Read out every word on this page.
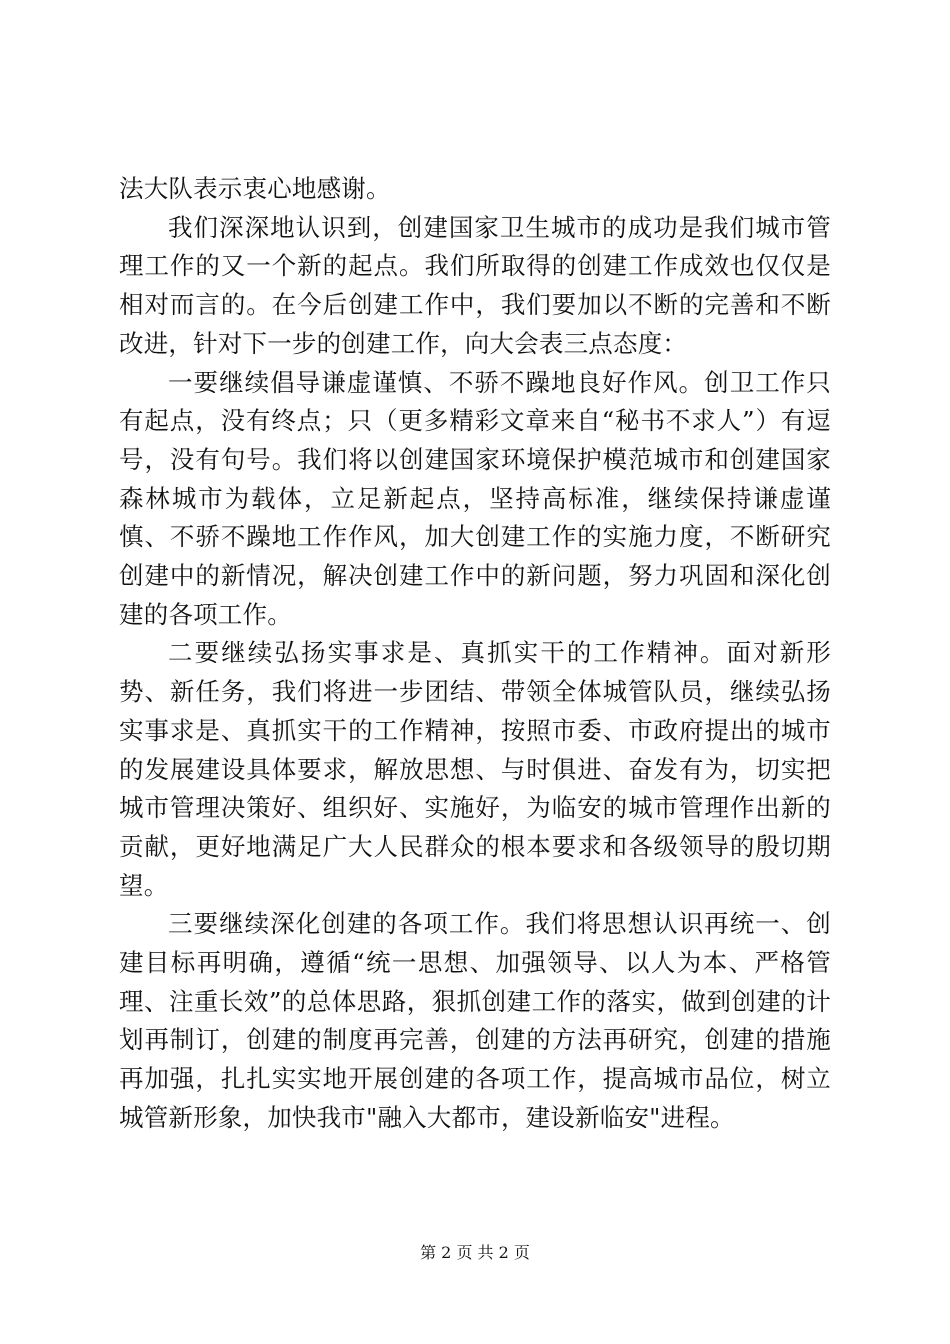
法大队表示衷心地感谢。

我们深深地认识到，创建国家卫生城市的成功是我们城市管理工作的又一个新的起点。我们所取得的创建工作成效也仅仅是相对而言的。在今后创建工作中，我们要加以不断的完善和不断改进，针对下一步的创建工作，向大会表三点态度：

一要继续倡导谦虚谨慎、不骄不躁地良好作风。创卫工作只有起点，没有终点；只（更多精彩文章来自“秘书不求人”）有逗号，没有句号。我们将以创建国家环境保护模范城市和创建国家森林城市为载体，立足新起点，坚持高标准，继续保持谦虚谨慎、不骄不躁地工作作风，加大创建工作的实施力度，不断研究创建中的新情况，解决创建工作中的新问题，努力巩固和深化创建的各项工作。

二要继续弘扬实事求是、真抓实干的工作精神。面对新形势、新任务，我们将进一步团结、带领全体城管队员，继续弘扬实事求是、真抓实干的工作精神，按照市委、市政府提出的城市的发展建设具体要求，解放思想、与时俱进、奋发有为，切实把城市管理决策好、组织好、实施好，为临安的城市管理作出新的贡献，更好地满足广大人民群众的根本要求和各级领导的殷切期望。

三要继续深化创建的各项工作。我们将思想认识再统一、创建目标再明确，遵循“统一思想、加强领导、以人为本、严格管理、注重长效”的总体思路，狠抓创建工作的落实，做到创建的计划再制订，创建的制度再完善，创建的方法再研究，创建的措施再加强，扎扎实实地开展创建的各项工作，提高城市品位，树立城管新形象，加快我市"融入大都市，建设新临安"进程。

第 2 页 共 2 页
